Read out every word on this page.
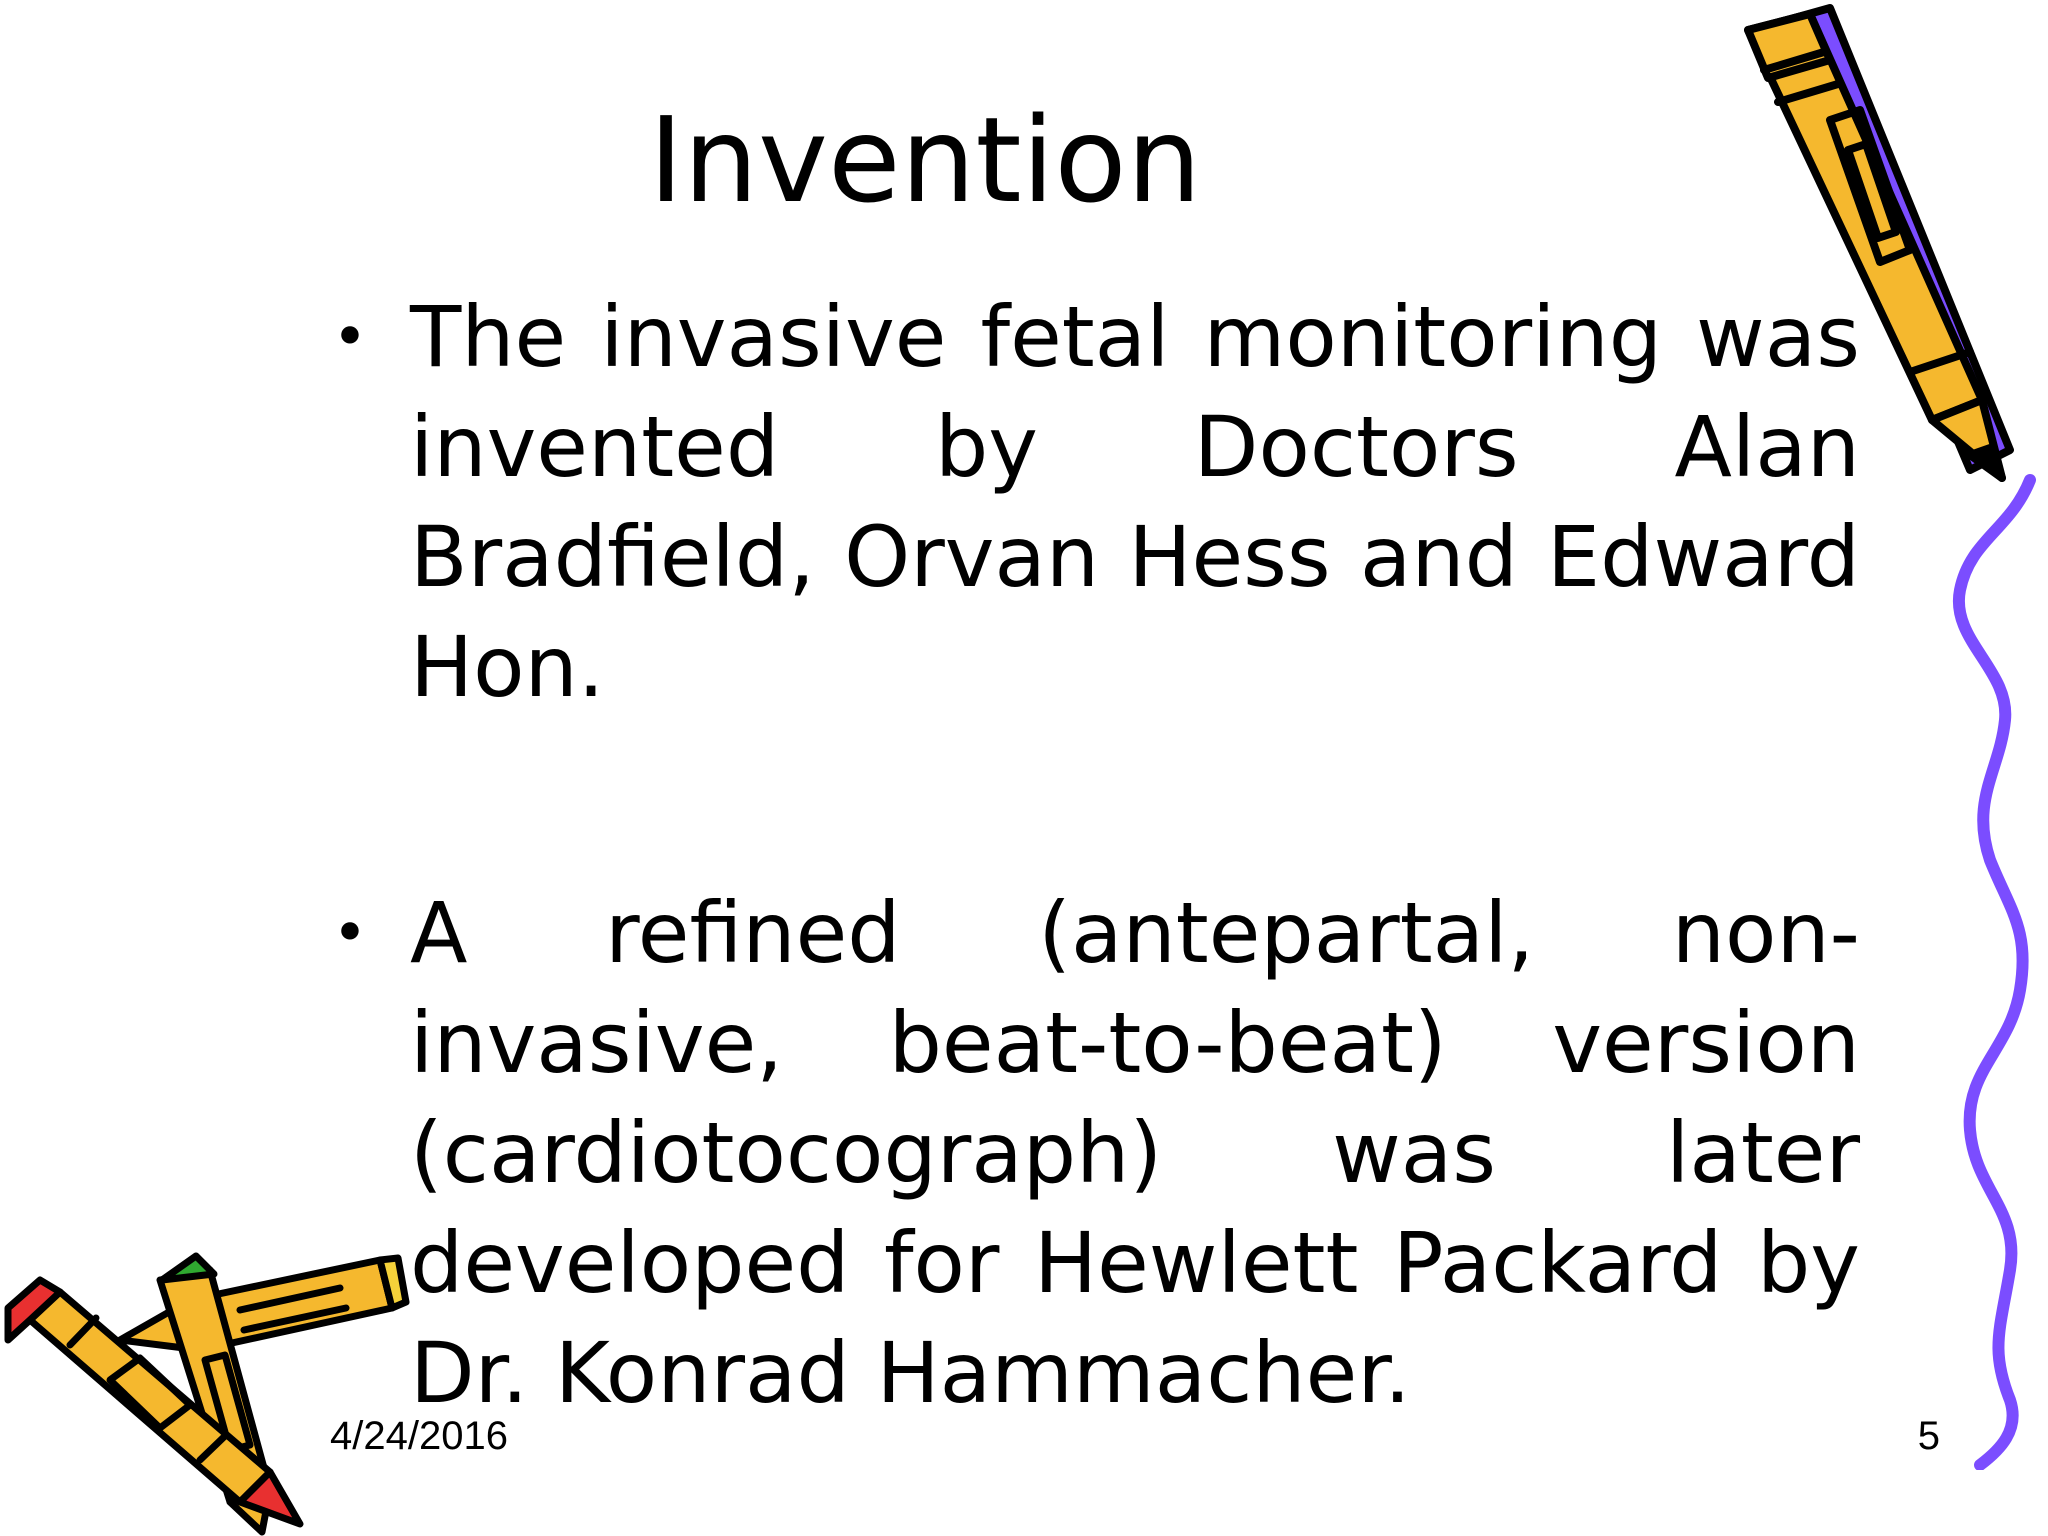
Invention
• The invasive fetal monitoring was invented by Doctors Alan Bradfield, Orvan Hess and Edward Hon.
• A refined (antepartal, non-invasive, beat-to-beat) version (cardiotocograph) was later developed for Hewlett Packard by Dr. Konrad Hammacher.
4/24/2016	5
